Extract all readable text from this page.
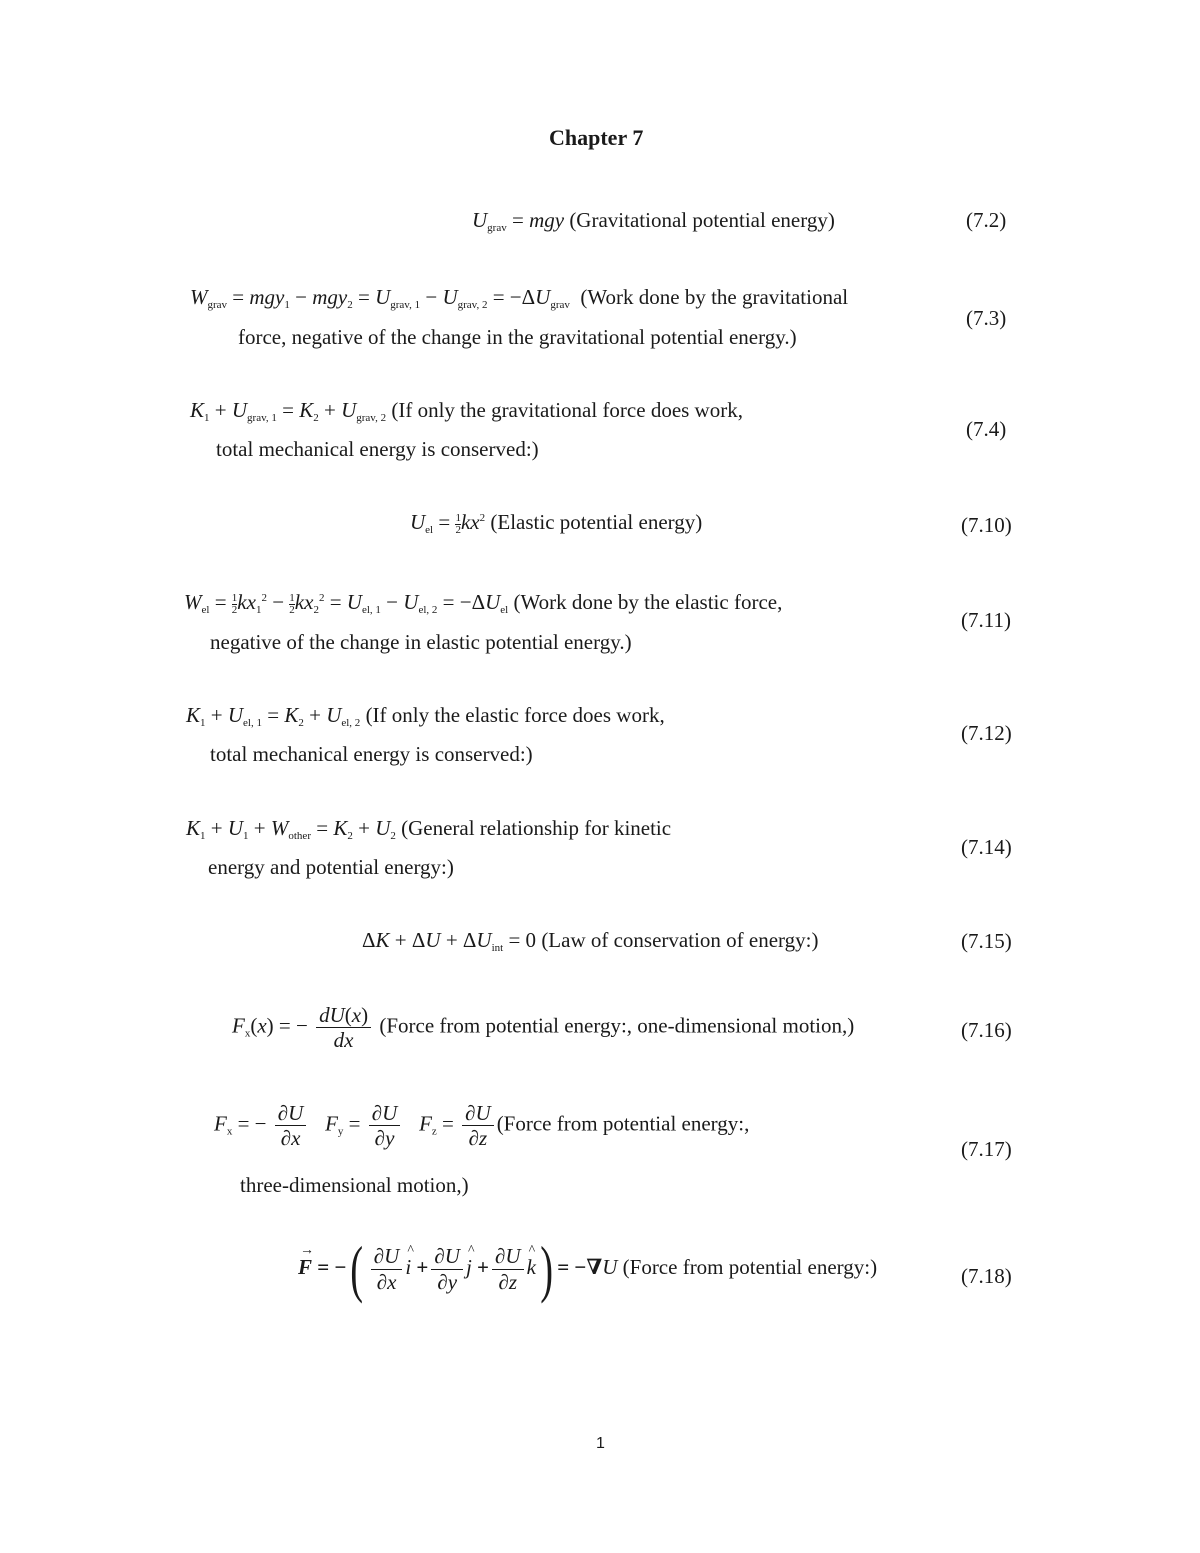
Chapter 7
$U_{grav}$ = mgy (Gravitational potential energy)	(7.2)
$W_{grav} = mgy_1 - mgy_2 = U_{grav, 1} - U_{grav, 2} = -\Delta U_{grav}$ (Work done by the gravitational
force, negative of the change in the gravitational potential energy.)
(7.3)
$K_1 + U_{grav, 1} = K_2 + U_{grav, 2}$ (If only the gravitational force does work,
total mechanical energy is conserved:)
(7.4)
$U_{el} = \frac{1}{2} kx^2$ (Elastic potential energy)	(7.10)
$W_{el} = \frac{1}{2} kx_1^2 - \frac{1}{2} kx_2^2 = U_{el, 1} - U_{el, 2} = -\Delta U_{el}$ (Work done by the elastic force,
negative of the change in elastic potential energy.)
(7.11)
$K_1 + U_{el, 1} = K_2 + U_{el, 2}$ (If only the elastic force does work,
total mechanical energy is conserved:)
(7.12)
$K_1 + U_1 + W_{other} = K_2 + U_2$ (General relationship for kinetic
energy and potential energy:)
(7.14)
$\Delta K + \Delta U + \Delta U_{int} = 0$ (Law of conservation of energy:)	(7.15)
$F_x(x)$ = − $\frac{dU(x)}{dx}$ (Force from potential energy:, one-dimensional motion,)	(7.16)
$F_x$ = − $\frac{\partial U}{\partial x} F_y = \frac{\partial U}{\partial y} F_z = \frac{\partial U}{\partial z}$ (Force from potential energy:,
three-dimensional motion,)
(7.17)
F
→
= −( $\frac{\partial U}{\partial x}$ i
^
+ $\frac{\partial U}{\partial y}$ j
^
+ $\frac{\partial U}{\partial z}$ k
^ ) = −∇U (Force from potential energy:)	(7.18)
1
